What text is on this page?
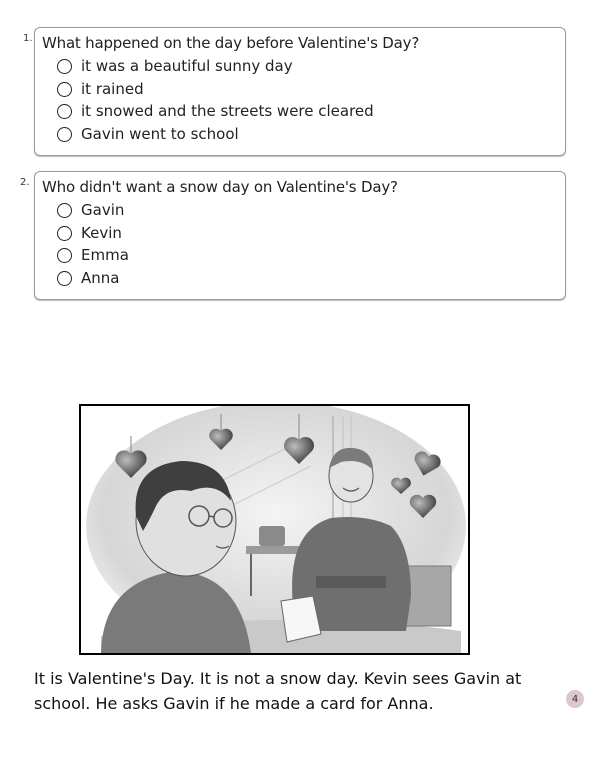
1. What happened on the day before Valentine's Day?
it was a beautiful sunny day
it rained
it snowed and the streets were cleared
Gavin went to school
2. Who didn't want a snow day on Valentine's Day?
Gavin
Kevin
Emma
Anna
It is Valentine's Day. It is not a snow day. Kevin sees Gavin at
school. He asks Gavin if he made a card for Anna.	4
